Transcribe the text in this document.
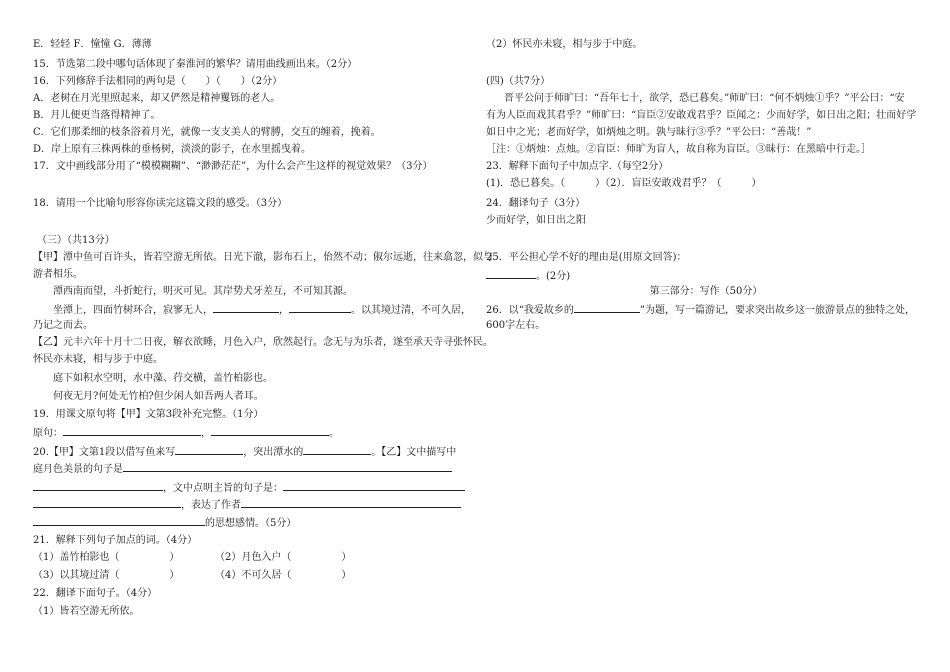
E．轻轻 F．憧憧 G．薄薄
15．节选第二段中哪句话体现了秦淮河的繁华？请用曲线画出来。（2分）
16．下列修辞手法相同的两句是（　　）（　　）（2分）
A．老树在月光里照起来，却又俨然是精神矍铄的老人。
B．月儿便更当落得精神了。
C．它们那柔细的枝条浴着月光，就像一支支美人的臂膊，交互的缠着，挽着。
D．岸上原有三株两株的垂杨树，淡淡的影子，在水里摇曳着。
17．文中画线部分用了“模模糊糊”、“渺渺茫茫”，为什么会产生这样的视觉效果？（3分）
18．请用一个比喻句形容你读完这篇文段的感受。（3分）
（三）（共13分）
【甲】潭中鱼可百许头，皆若空游无所依。日光下澈，影布石上，佁然不动；俶尔远逝，往来翕忽，似与
游者相乐。
潭西南而望，斗折蛇行，明灭可见。其岸势犬牙差互，不可知其源。
坐潭上，四面竹树环合，寂寥无人，	，	。以其境过清，不可久居，
乃记之而去。
【乙】元丰六年十月十二日夜，解衣欲睡，月色入户，欣然起行。念无与为乐者，遂至承天寺寻张怀民。
怀民亦未寝，相与步于中庭。
庭下如积水空明，水中藻、荇交横，盖竹柏影也。
何夜无月?何处无竹柏?但少闲人如吾两人者耳。
19．用课文原句将【甲】文第3段补充完整。（1分）
原句：	，	。
20.【甲】文第1段以借写鱼来写	，突出潭水的	。【乙】文中描写中
庭月色美景的句子是
，文中点明主旨的句子是：
，表达了作者
的思想感情。（5分）
21．解释下列句子加点的词。（4分）
（1）盖竹柏影也（　　　　　）	（2）月色入户（　　　　　）
（3）以其境过清（　　　　　）	（4）不可久居（　　　　　）
22．翻译下面句子。（4分）
（1）皆若空游无所依。
（2）怀民亦未寝，相与步于中庭。
(四)（共7分）
晋平公问于师旷曰：“吾年七十，欲学，恐已暮矣。”师旷曰：“何不炳烛①乎？”平公曰：“安
有为人臣而戏其君乎？”师旷曰：“盲臣②安敢戏君乎？臣闻之：少而好学，如日出之阳；壮而好学
如日中之光；老而好学，如炳烛之明。孰与昧行③乎？”平公曰：“善哉！”
［注：①炳烛：点烛。②盲臣：师旷为盲人，故自称为盲臣。③昧行：在黑暗中行走。］
23．解释下面句子中加点字.（每空2分）
(1)．恐已暮矣。（　　　）（2）．盲臣安敢戏君乎？（　　　）
24．翻译句子（3分）
少而好学，如日出之阳
25．平公担心学不好的理由是(用原文回答)：
。(2分)
第三部分：写作（50分）
26．以“我爱故乡的	”为题，写一篇游记，要求突出故乡这一旅游景点的独特之处，
600字左右。
